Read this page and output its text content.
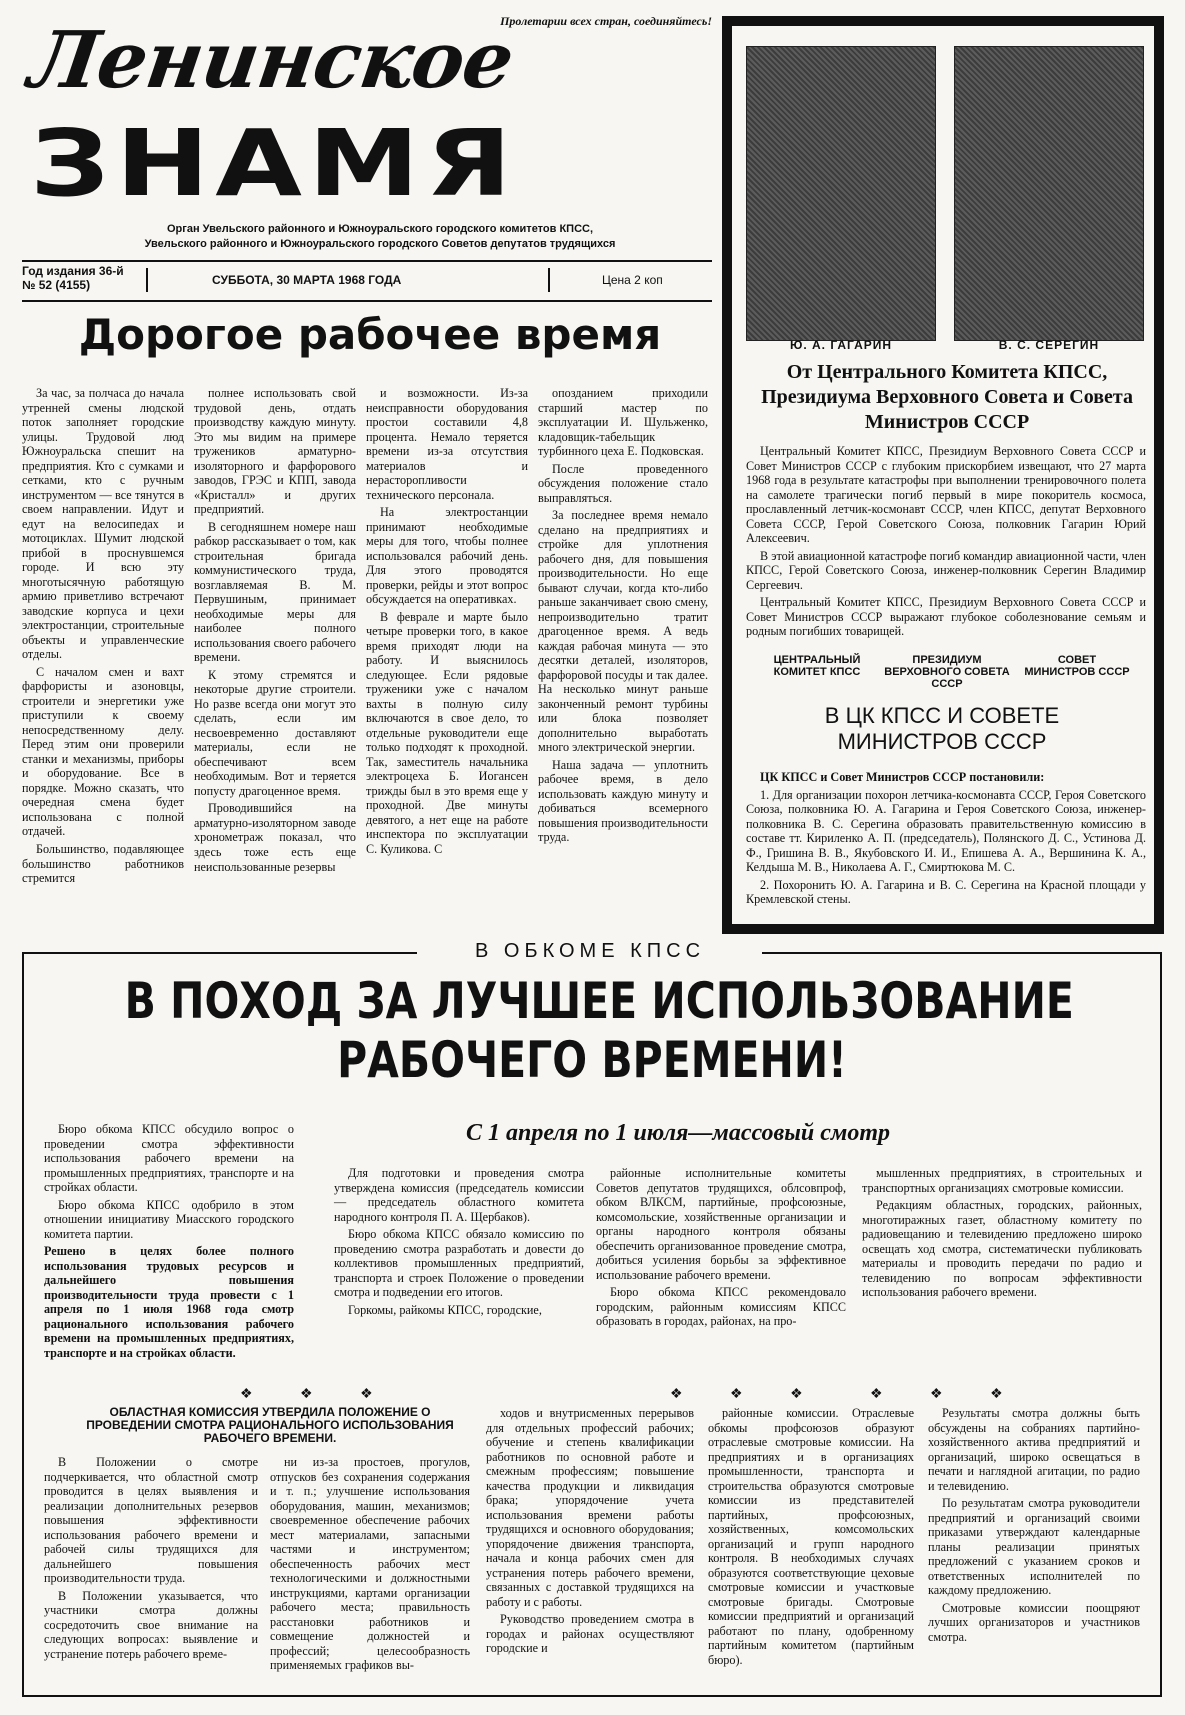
Пролетарии всех стран, соединяйтесь!
Ленинское
ЗНАМЯ
Орган Увельского районного и Южноуральского городского комитетов КПСС,
Увельского районного и Южноуральского городского Советов депутатов трудящихся
Год издания 36-й
№ 52 (4155)	СУББОТА, 30 МАРТА 1968 ГОДА	Цена 2 коп
Дорогое рабочее время

За час, за полчаса до начала утренней смены людской поток заполняет городские улицы. Трудовой люд Южноуральска спешит на предприятия. Кто с сумками и сетками, кто с ручным инструментом — все тянутся в своем направлении. Идут и едут на велосипедах и мотоциклах. Шумит людской прибой в проснувшемся городе. И всю эту многотысячную работящую армию приветливо встречают заводские корпуса и цехи электростанции, строительные объекты и управленческие отделы.

С началом смен и вахт фарфористы и азоновцы, строители и энергетики уже приступили к своему непосредственному делу. Перед этим они проверили станки и механизмы, приборы и оборудование. Все в порядке. Можно сказать, что очередная смена будет использована с полной отдачей.

Большинство, подавляющее большинство работников стремится

полнее использовать свой трудовой день, отдать производству каждую минуту. Это мы видим на примере тружеников арматурно-изоляторного и фарфорового заводов, ГРЭС и КПП, завода «Кристалл» и других предприятий.

В сегодняшнем номере наш рабкор рассказывает о том, как строительная бригада коммунистического труда, возглавляемая В. М. Первушиным, принимает необходимые меры для наиболее полного использования своего рабочего времени.

К этому стремятся и некоторые другие строители. Но разве всегда они могут это сделать, если им несвоевременно доставляют материалы, если не обеспечивают всем необходимым. Вот и теряется попусту драгоценное время.

Проводившийся на арматурно-изоляторном заводе хронометраж показал, что здесь тоже есть еще неиспользованные резервы

и возможности. Из-за неисправности оборудования простои составили 4,8 процента. Немало теряется времени из-за отсутствия материалов и нерасторопливости технического персонала.

На электростанции принимают необходимые меры для того, чтобы полнее использовался рабочий день. Для этого проводятся проверки, рейды и этот вопрос обсуждается на оперативках.

В феврале и марте было четыре проверки того, в какое время приходят люди на работу. И выяснилось следующее. Если рядовые труженики уже с началом вахты в полную силу включаются в свое дело, то отдельные руководители еще только подходят к проходной. Так, заместитель начальника электроцеха Б. Иогансен трижды был в это время еще у проходной. Две минуты девятого, а нет еще на работе инспектора по эксплуатации С. Куликова. С

опозданием приходили старший мастер по эксплуатации И. Шульженко, кладовщик-табельщик турбинного цеха Е. Подковская.

После проведенного обсуждения положение стало выправляться.

За последнее время немало сделано на предприятиях и стройке для уплотнения рабочего дня, для повышения производительности. Но еще бывают случаи, когда кто-либо раньше заканчивает свою смену, непроизводительно тратит драгоценное время. А ведь каждая рабочая минута — это десятки деталей, изоляторов, фарфоровой посуды и так далее. На несколько минут раньше законченный ремонт турбины или блока позволяет дополнительно выработать много электрической энергии.

Наша задача — уплотнить рабочее время, в дело использовать каждую минуту и добиваться всемерного повышения производительности труда.

Ю. А. ГАГАРИН	В. С. СЕРЕГИН
От Центрального Комитета КПСС, Президиума Верховного Совета и Совета Министров СССР

Центральный Комитет КПСС, Президиум Верховного Совета СССР и Совет Министров СССР с глубоким прискорбием извещают, что 27 марта 1968 года в результате катастрофы при выполнении тренировочного полета на самолете трагически погиб первый в мире покоритель космоса, прославленный летчик-космонавт СССР, член КПСС, депутат Верховного Совета СССР, Герой Советского Союза, полковник Гагарин Юрий Алексеевич.

В этой авиационной катастрофе погиб командир авиационной части, член КПСС, Герой Советского Союза, инженер-полковник Серегин Владимир Сергеевич.

Центральный Комитет КПСС, Президиум Верховного Совета СССР и Совет Министров СССР выражают глубокое соболезнование семьям и родным погибших товарищей.

ЦЕНТРАЛЬНЫЙ КОМИТЕТ КПСС
ПРЕЗИДИУМ ВЕРХОВНОГО СОВЕТА СССР
СОВЕТ МИНИСТРОВ СССР
В ЦК КПСС И СОВЕТЕ МИНИСТРОВ СССР

ЦК КПСС и Совет Министров СССР постановили:

1. Для организации похорон летчика-космонавта СССР, Героя Советского Союза, полковника Ю. А. Гагарина и Героя Советского Союза, инженер-полковника В. С. Серегина образовать правительственную комиссию в составе тт. Кириленко А. П. (председатель), Полянского Д. С., Устинова Д. Ф., Гришина В. В., Якубовского И. И., Епишева А. А., Вершинина К. А., Келдыша М. В., Николаева А. Г., Смиртюкова М. С.

2. Похоронить Ю. А. Гагарина и В. С. Серегина на Красной площади у Кремлевской стены.

В ОБКОМЕ КПСС
В ПОХОД ЗА ЛУЧШЕЕ ИСПОЛЬЗОВАНИЕ
РАБОЧЕГО ВРЕМЕНИ!
С 1 апреля по 1 июля—массовый смотр

Бюро обкома КПСС обсудило вопрос о проведении смотра эффективности использования рабочего времени на промышленных предприятиях, транспорте и на стройках области.

Бюро обкома КПСС одобрило в этом отношении инициативу Миасского городского комитета партии.

Решено в целях более полного использования трудовых ресурсов и дальнейшего повышения производительности труда провести с 1 апреля по 1 июля 1968 года смотр рационального использования рабочего времени на промышленных предприятиях, транспорте и на стройках области.

Для подготовки и проведения смотра утверждена комиссия (председатель комиссии — председатель областного комитета народного контроля П. А. Щербаков).

Бюро обкома КПСС обязало комиссию по проведению смотра разработать и довести до коллективов промышленных предприятий, транспорта и строек Положение о проведении смотра и подведении его итогов.

Горкомы, райкомы КПСС, городские,

районные исполнительные комитеты Советов депутатов трудящихся, облсовпроф, обком ВЛКСМ, партийные, профсоюзные, комсомольские, хозяйственные организации и органы народного контроля обязаны обеспечить организованное проведение смотра, добиться усиления борьбы за эффективное использование рабочего времени.

Бюро обкома КПСС рекомендовало городским, районным комиссиям КПСС образовать в городах, районах, на про-

мышленных предприятиях, в строительных и транспортных организациях смотровые комиссии.

Редакциям областных, городских, районных, многотиражных газет, областному комитету по радиовещанию и телевидению предложено широко освещать ход смотра, систематически публиковать материалы и проводить передачи по радио и телевидению по вопросам эффективности использования рабочего времени.

❖ ❖ ❖	❖ ❖ ❖	❖ ❖ ❖
ОБЛАСТНАЯ КОМИССИЯ УТВЕРДИЛА ПОЛОЖЕНИЕ О ПРОВЕДЕНИИ СМОТРА РАЦИОНАЛЬНОГО ИСПОЛЬЗОВАНИЯ РАБОЧЕГО ВРЕМЕНИ.

В Положении о смотре подчеркивается, что областной смотр проводится в целях выявления и реализации дополнительных резервов повышения эффективности использования рабочего времени и рабочей силы трудящихся для дальнейшего повышения производительности труда.

В Положении указывается, что участники смотра должны сосредоточить свое внимание на следующих вопросах: выявление и устранение потерь рабочего време-

ни из-за простоев, прогулов, отпусков без сохранения содержания и т. п.; улучшение использования оборудования, машин, механизмов; своевременное обеспечение рабочих мест материалами, запасными частями и инструментом; обеспеченность рабочих мест технологическими и должностными инструкциями, картами организации рабочего места; правильность расстановки работников и совмещение должностей и профессий; целесообразность применяемых графиков вы-

ходов и внутрисменных перерывов для отдельных профессий рабочих; обучение и степень квалификации работников по основной работе и смежным профессиям; повышение качества продукции и ликвидация брака; упорядочение учета использования времени работы трудящихся и основного оборудования; упорядочение движения транспорта, начала и конца рабочих смен для устранения потерь рабочего времени, связанных с доставкой трудящихся на работу и с работы.

Руководство проведением смотра в городах и районах осуществляют городские и

районные комиссии. Отраслевые обкомы профсоюзов образуют отраслевые смотровые комиссии. На предприятиях и в организациях промышленности, транспорта и строительства образуются смотровые комиссии из представителей партийных, профсоюзных, хозяйственных, комсомольских организаций и групп народного контроля. В необходимых случаях образуются соответствующие цеховые смотровые комиссии и участковые смотровые бригады. Смотровые комиссии предприятий и организаций работают по плану, одобренному партийным комитетом (партийным бюро).

Результаты смотра должны быть обсуждены на собраниях партийно-хозяйственного актива предприятий и организаций, широко освещаться в печати и наглядной агитации, по радио и телевидению.

По результатам смотра руководители предприятий и организаций своими приказами утверждают календарные планы реализации принятых предложений с указанием сроков и ответственных исполнителей по каждому предложению.

Смотровые комиссии поощряют лучших организаторов и участников смотра.
